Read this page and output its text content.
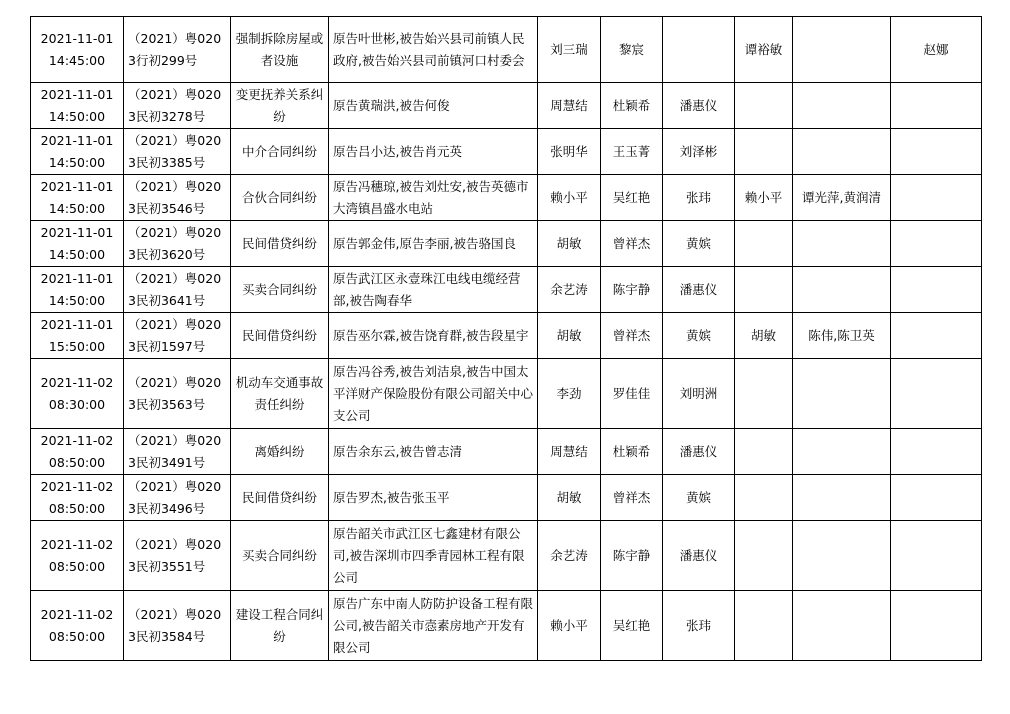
2021-11-01 14:45:00	（2021）粤0203行初299号	强制拆除房屋或者设施	原告叶世彬,被告始兴县司前镇人民政府,被告始兴县司前镇河口村委会	刘三瑞	黎宸		谭裕敏		赵娜
2021-11-01 14:50:00	（2021）粤0203民初3278号	变更抚养关系纠纷	原告黄瑞洪,被告何俊	周慧结	杜颖希	潘惠仪			
2021-11-01 14:50:00	（2021）粤0203民初3385号	中介合同纠纷	原告吕小达,被告肖元英	张明华	王玉菁	刘泽彬			
2021-11-01 14:50:00	（2021）粤0203民初3546号	合伙合同纠纷	原告冯穗琼,被告刘灶安,被告英德市大湾镇昌盛水电站	赖小平	吴红艳	张玮	赖小平	谭光萍,黄润清	
2021-11-01 14:50:00	（2021）粤0203民初3620号	民间借贷纠纷	原告郭金伟,原告李丽,被告骆国良	胡敏	曾祥杰	黄嫔			
2021-11-01 14:50:00	（2021）粤0203民初3641号	买卖合同纠纷	原告武江区永壹珠江电线电缆经营部,被告陶春华	余艺涛	陈宇静	潘惠仪			
2021-11-01 15:50:00	（2021）粤0203民初1597号	民间借贷纠纷	原告巫尔霖,被告饶育群,被告段星宇	胡敏	曾祥杰	黄嫔	胡敏	陈伟,陈卫英	
2021-11-02 08:30:00	（2021）粤0203民初3563号	机动车交通事故责任纠纷	原告冯谷秀,被告刘洁泉,被告中国太平洋财产保险股份有限公司韶关中心支公司	李劲	罗佳佳	刘明洲			
2021-11-02 08:50:00	（2021）粤0203民初3491号	离婚纠纷	原告余东云,被告曾志清	周慧结	杜颖希	潘惠仪			
2021-11-02 08:50:00	（2021）粤0203民初3496号	民间借贷纠纷	原告罗杰,被告张玉平	胡敏	曾祥杰	黄嫔			
2021-11-02 08:50:00	（2021）粤0203民初3551号	买卖合同纠纷	原告韶关市武江区七鑫建材有限公司,被告深圳市四季青园林工程有限公司	余艺涛	陈宇静	潘惠仪			
2021-11-02 08:50:00	（2021）粤0203民初3584号	建设工程合同纠纷	原告广东中南人防防护设备工程有限公司,被告韶关市悫素房地产开发有限公司	赖小平	吴红艳	张玮			
